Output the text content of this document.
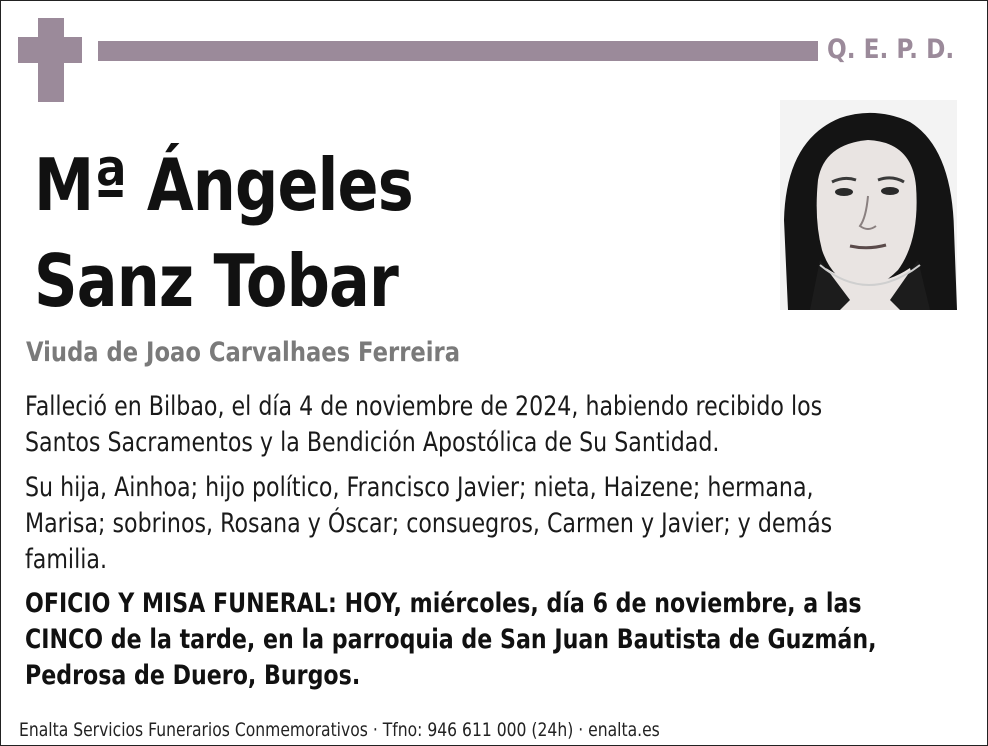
Q. E. P. D.
Mª Ángeles
Sanz Tobar
Viuda de Joao Carvalhaes Ferreira
Falleció en Bilbao, el día 4 de noviembre de 2024, habiendo recibido los
Santos Sacramentos y la Bendición Apostólica de Su Santidad.
Su hija, Ainhoa; hijo político, Francisco Javier; nieta, Haizene; hermana,
Marisa; sobrinos, Rosana y Óscar; consuegros, Carmen y Javier; y demás
familia.
OFICIO Y MISA FUNERAL: HOY, miércoles, día 6 de noviembre, a las
CINCO de la tarde, en la parroquia de San Juan Bautista de Guzmán,
Pedrosa de Duero, Burgos.
Enalta Servicios Funerarios Conmemorativos · Tfno: 946 611 000 (24h) · enalta.es
